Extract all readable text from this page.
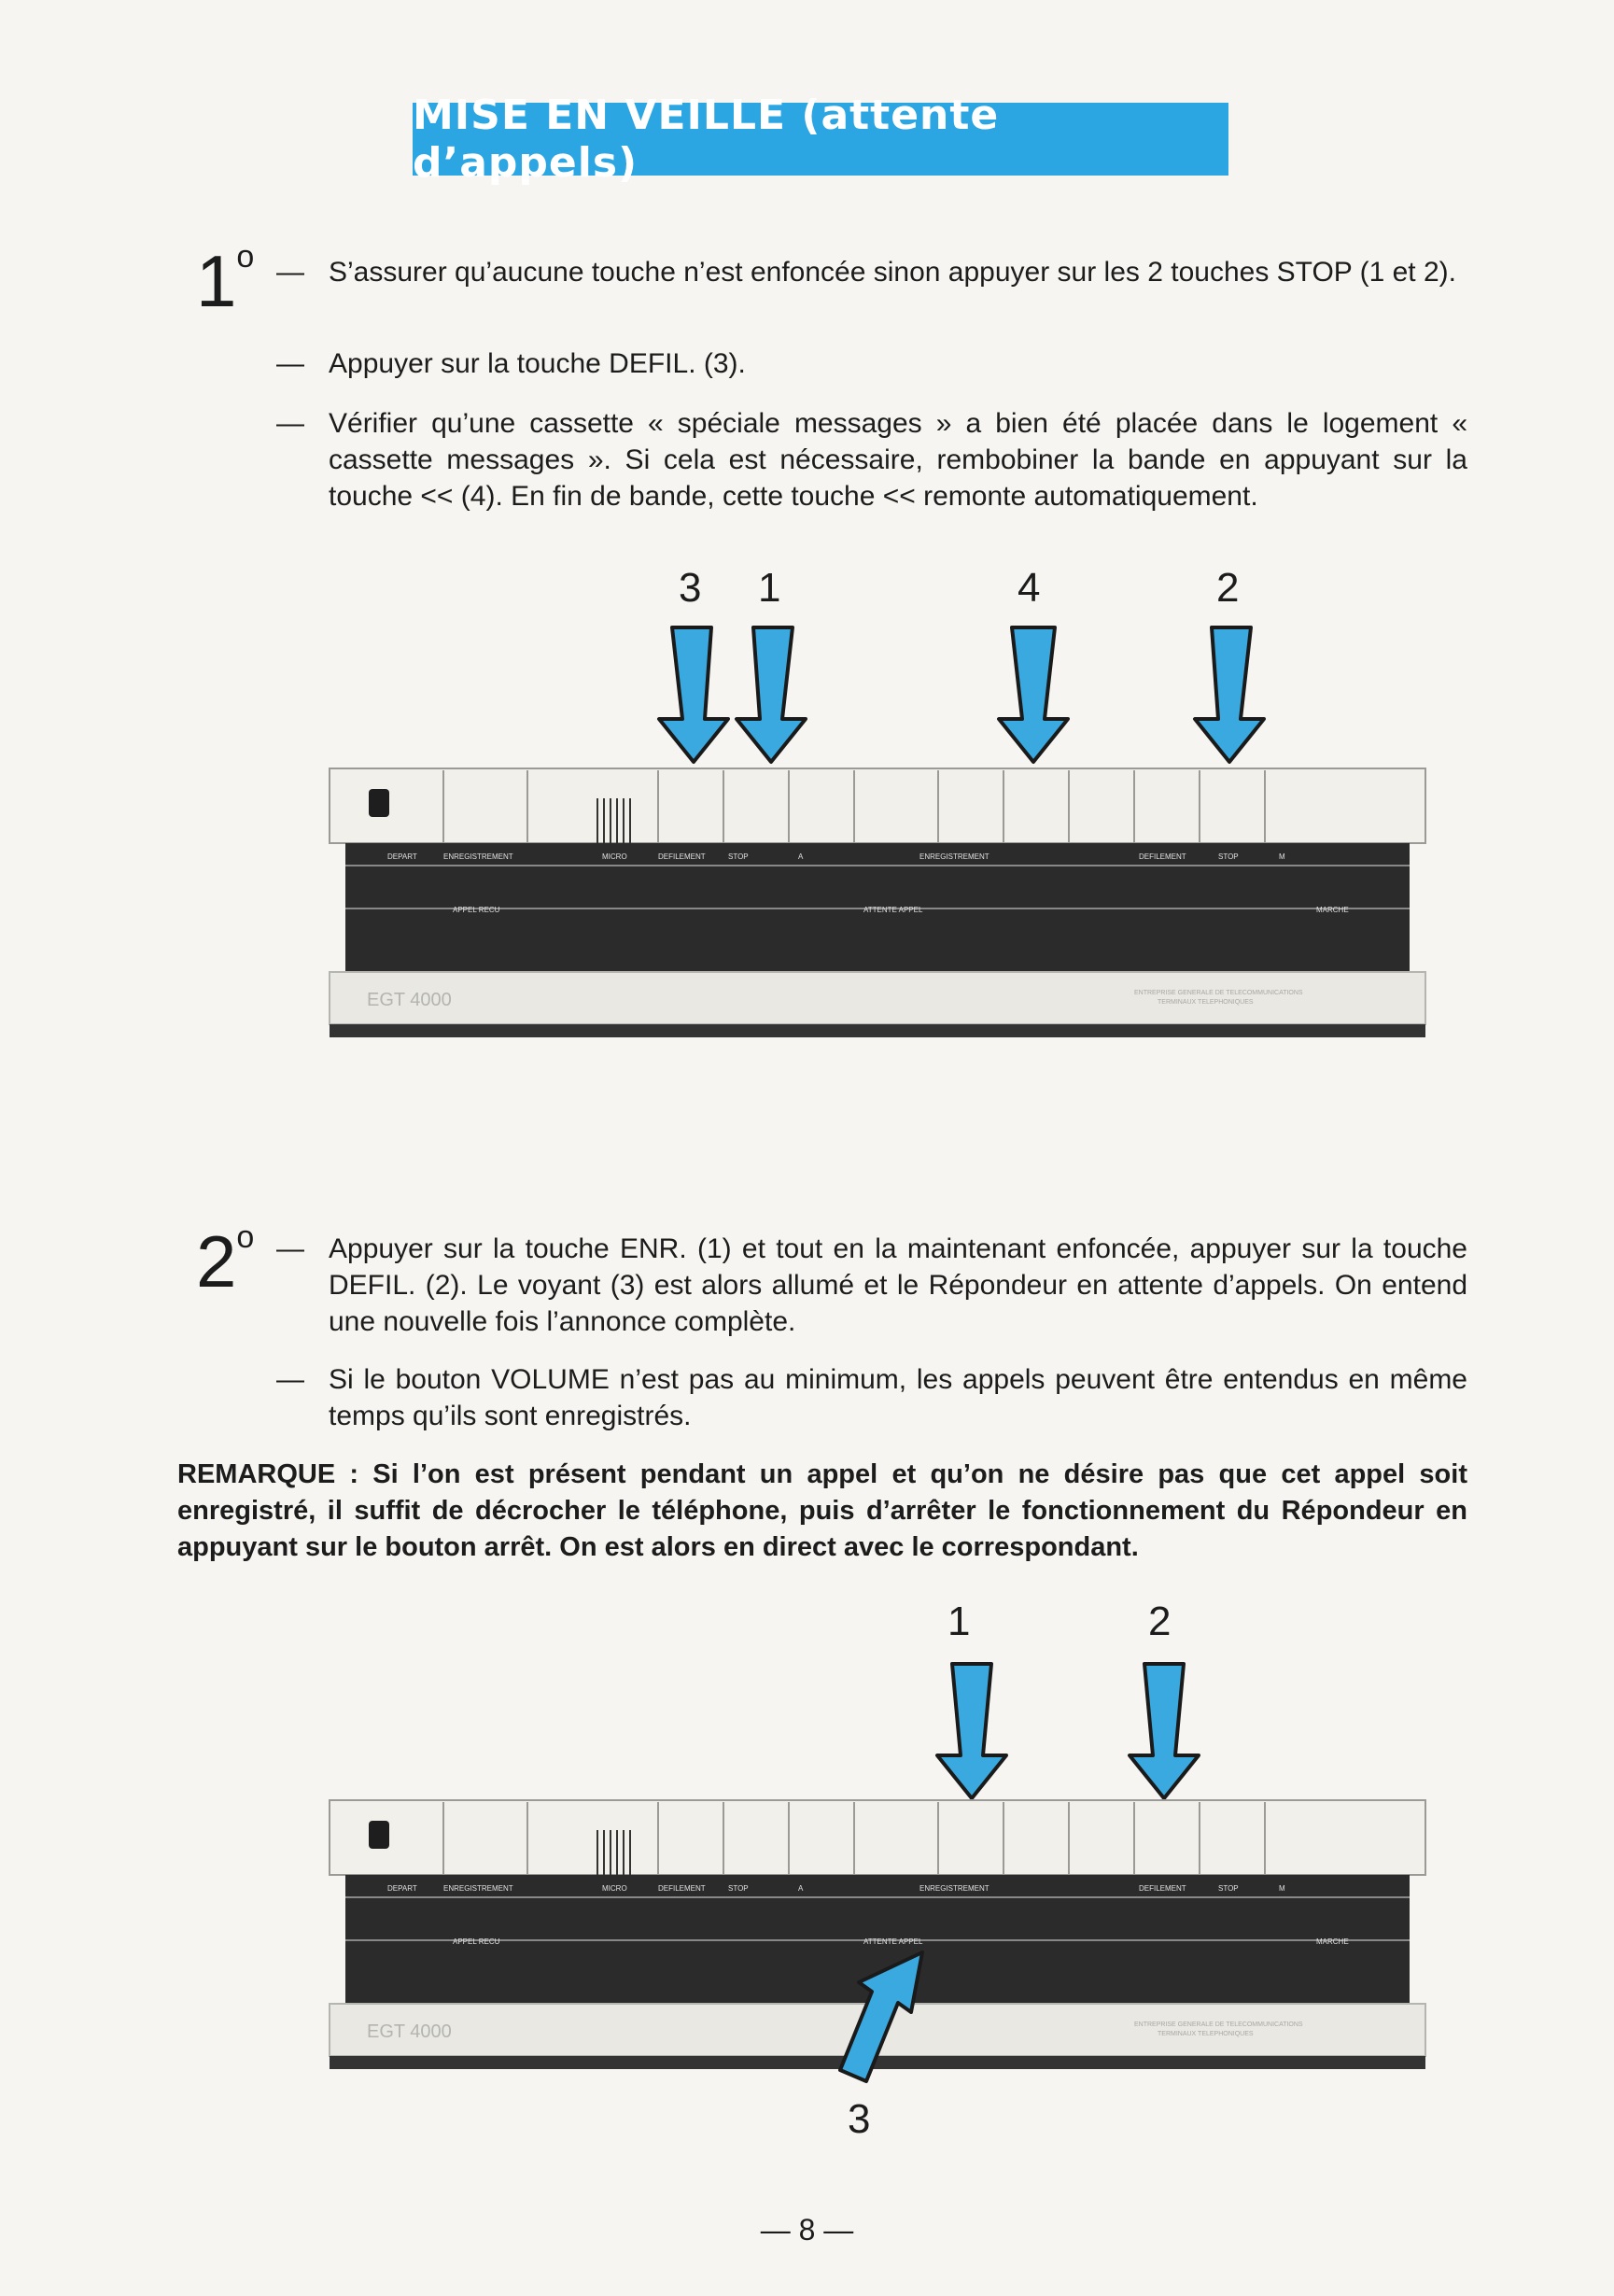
MISE EN VEILLE (attente d’appels)
1$^o$ — S’assurer qu’aucune touche n’est enfoncée sinon appuyer sur les 2 touches STOP (1 et 2).
— Appuyer sur la touche DEFIL. (3).
— Vérifier qu’une cassette « spéciale messages » a bien été placée dans le logement « cassette messages ». Si cela est nécessaire, rembobiner la bande en appuyant sur la touche << (4). En fin de bande, cette touche << remonte automatiquement.
3 1	4	2
DEPART	ENREGISTREMENT	MICRO	DEFILEMENT	STOP	A	ENREGISTREMENT	DEFILEMENT	STOP	M
APPEL RECU	ATTENTE APPEL	MARCHE
EGT 4000	ENTREPRISE GENERALE DE TELECOMMUNICATIONS
TERMINAUX TELEPHONIQUES
2$^o$ — Appuyer sur la touche ENR. (1) et tout en la maintenant enfoncée, appuyer sur la touche DEFIL. (2). Le voyant (3) est alors allumé et le Répondeur en attente d’appels. On entend une nouvelle fois l’annonce complète.
— Si le bouton VOLUME n’est pas au minimum, les appels peuvent être entendus en même temps qu’ils sont enregistrés.
REMARQUE : Si l’on est présent pendant un appel et qu’on ne désire pas que cet appel soit enregistré, il suffit de décrocher le téléphone, puis d’arrêter le fonctionnement du Répondeur en appuyant sur le bouton arrêt. On est alors en direct avec le correspondant.
1	2
3
DEPART	ENREGISTREMENT	MICRO	DEFILEMENT	STOP	A	ENREGISTREMENT	DEFILEMENT	STOP	M
APPEL RECU	ATTENTE APPEL	MARCHE
EGT 4000	ENTREPRISE GENERALE DE TELECOMMUNICATIONS
TERMINAUX TELEPHONIQUES
— 8 —
